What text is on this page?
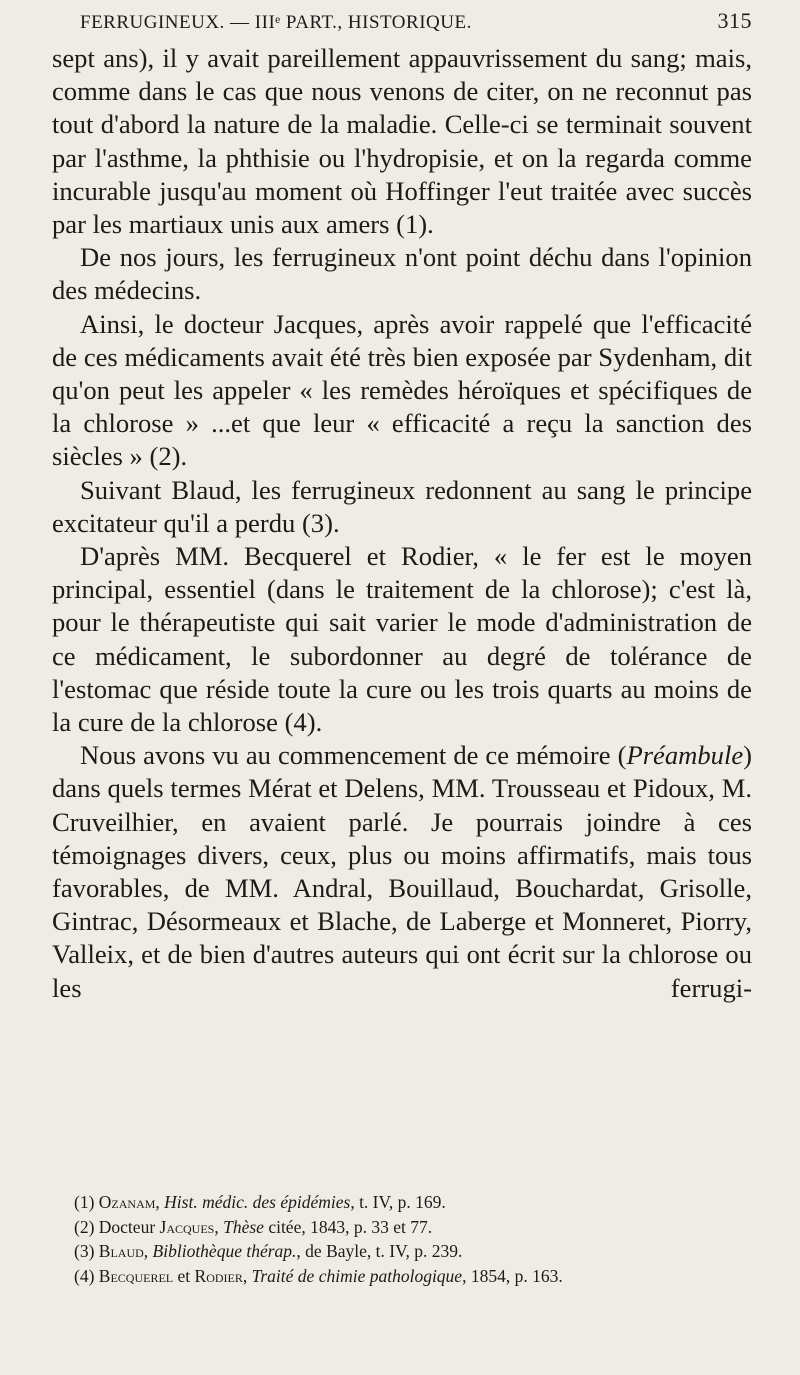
FERRUGINEUX. — IIIᵉ PART., HISTORIQUE.	315

sept ans), il y avait pareillement appauvrissement du sang; mais, comme dans le cas que nous venons de citer, on ne reconnut pas tout d'abord la nature de la maladie. Celle-ci se terminait souvent par l'asthme, la phthisie ou l'hydropisie, et on la regarda comme incurable jusqu'au moment où Hoffinger l'eut traitée avec succès par les martiaux unis aux amers (1).

De nos jours, les ferrugineux n'ont point déchu dans l'opinion des médecins.

Ainsi, le docteur Jacques, après avoir rappelé que l'efficacité de ces médicaments avait été très bien exposée par Sydenham, dit qu'on peut les appeler « les remèdes héroïques et spécifiques de la chlorose » ...et que leur « efficacité a reçu la sanction des siècles » (2).

Suivant Blaud, les ferrugineux redonnent au sang le principe excitateur qu'il a perdu (3).

D'après MM. Becquerel et Rodier, « le fer est le moyen principal, essentiel (dans le traitement de la chlorose); c'est là, pour le thérapeutiste qui sait varier le mode d'administration de ce médicament, le subordonner au degré de tolérance de l'estomac que réside toute la cure ou les trois quarts au moins de la cure de la chlorose (4).

Nous avons vu au commencement de ce mémoire (Préambule) dans quels termes Mérat et Delens, MM. Trousseau et Pidoux, M. Cruveilhier, en avaient parlé. Je pourrais joindre à ces témoignages divers, ceux, plus ou moins affirmatifs, mais tous favorables, de MM. Andral, Bouillaud, Bouchardat, Grisolle, Gintrac, Désormeaux et Blache, de Laberge et Monneret, Piorry, Valleix, et de bien d'autres auteurs qui ont écrit sur la chlorose ou les ferrugi-

(1) Ozanam, Hist. médic. des épidémies, t. IV, p. 169.

(2) Docteur Jacques, Thèse citée, 1843, p. 33 et 77.

(3) Blaud, Bibliothèque thérap., de Bayle, t. IV, p. 239.

(4) Becquerel et Rodier, Traité de chimie pathologique, 1854, p. 163.
